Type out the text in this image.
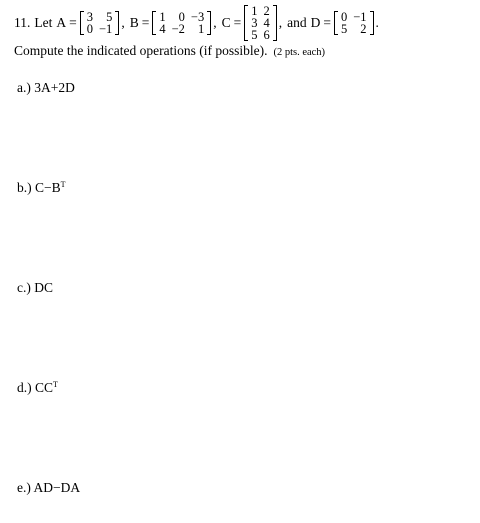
11. Let A = 3
0
5
−1 , B = 1
4
0
−2
−3
1 , C =
1
3
5
2
4
6
, and D = 0
5
−1
2 .
Compute the indicated operations (if possible). (2 pts. each)
a.) 3A+2D
b.) $C-B^T$
c.) DC
d.) $CC^T$
e.) AD−DA
